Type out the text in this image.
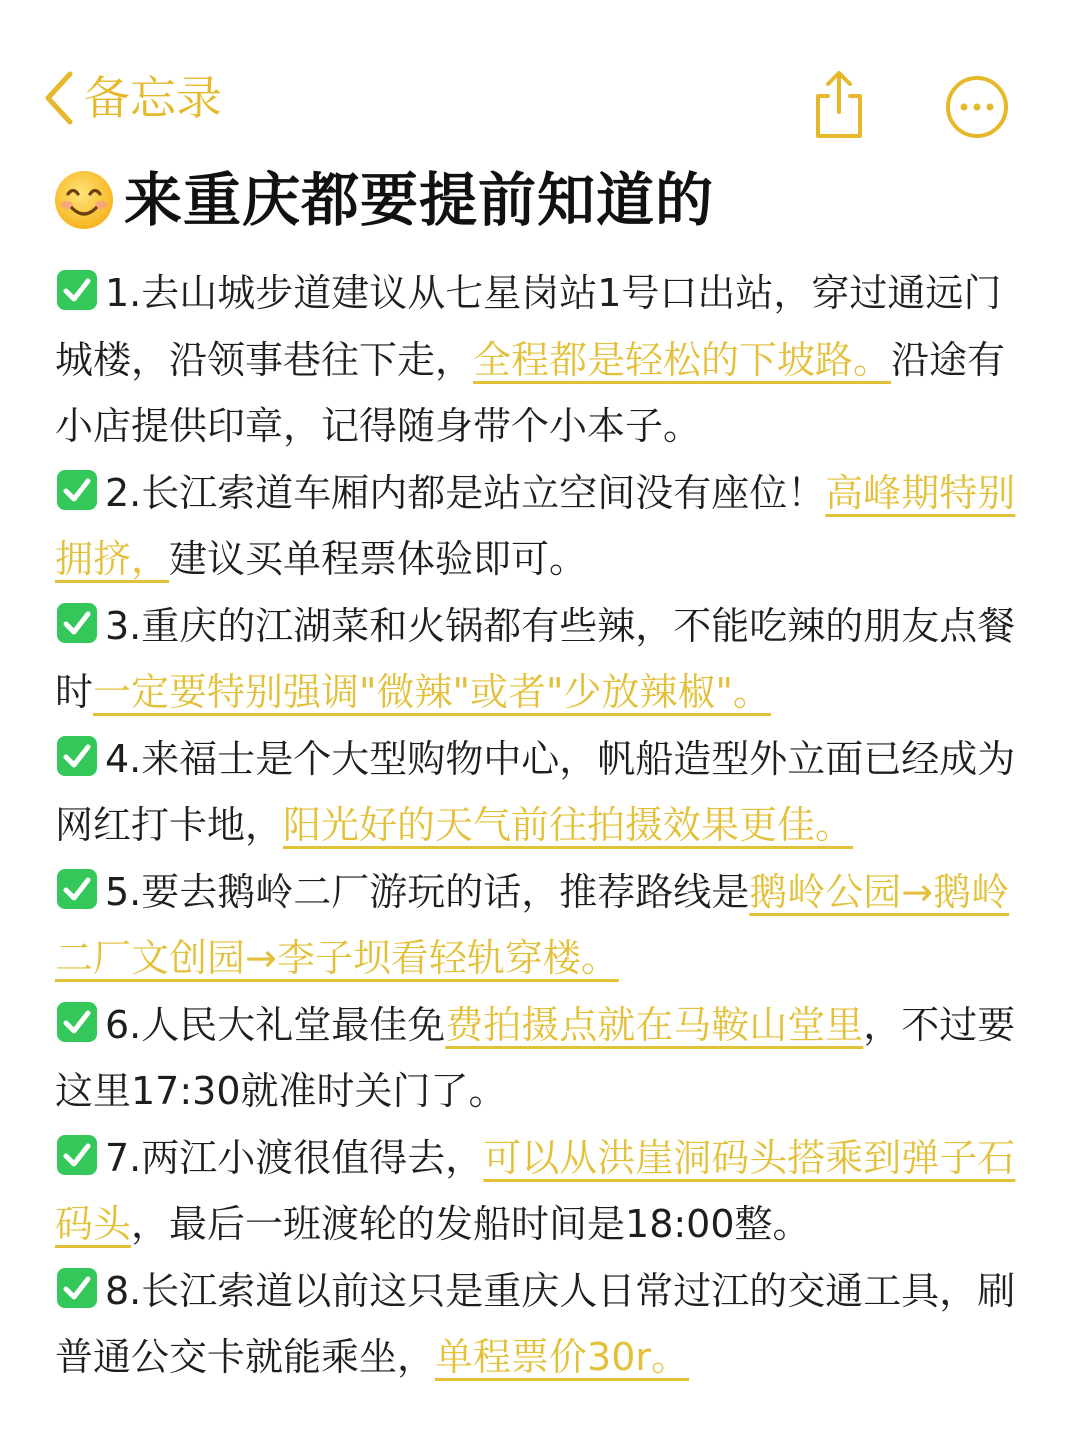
备忘录
来重庆都要提前知道的

1.去山城步道建议从七星岗站1号口出站，穿过通远门城楼，沿领事巷往下走，全程都是轻松的下坡路。沿途有小店提供印章，记得随身带个小本子。

2.长江索道车厢内都是站立空间没有座位！高峰期特别拥挤，建议买单程票体验即可。

3.重庆的江湖菜和火锅都有些辣，不能吃辣的朋友点餐时一定要特别强调"微辣"或者"少放辣椒"。

4.来福士是个大型购物中心，帆船造型外立面已经成为网红打卡地，阳光好的天气前往拍摄效果更佳。

5.要去鹅岭二厂游玩的话，推荐路线是鹅岭公园→鹅岭二厂文创园→李子坝看轻轨穿楼。

6.人民大礼堂最佳免费拍摄点就在马鞍山堂里，不过要这里17:30就准时关门了。

7.两江小渡很值得去，可以从洪崖洞码头搭乘到弹子石码头，最后一班渡轮的发船时间是18:00整。

8.长江索道以前这只是重庆人日常过江的交通工具，刷普通公交卡就能乘坐，单程票价30r。
